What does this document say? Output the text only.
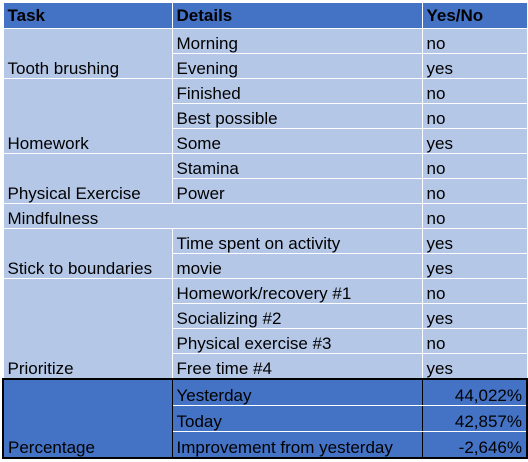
Task	Details	Yes/No
Tooth brushing	Morning	no
	Evening	yes
Homework	Finished	no
	Best possible	no
	Some	yes
Physical Exercise	Stamina	no
	Power	no
Mindfulness		no
Stick to boundaries	Time spent on activity	yes
	movie	yes
Prioritize	Homework/recovery #1	no
	Socializing #2	yes
	Physical exercise #3	no
	Free time #4	yes
Percentage	Yesterday	44,022%
	Today	42,857%
	Improvement from yesterday	-2,646%
